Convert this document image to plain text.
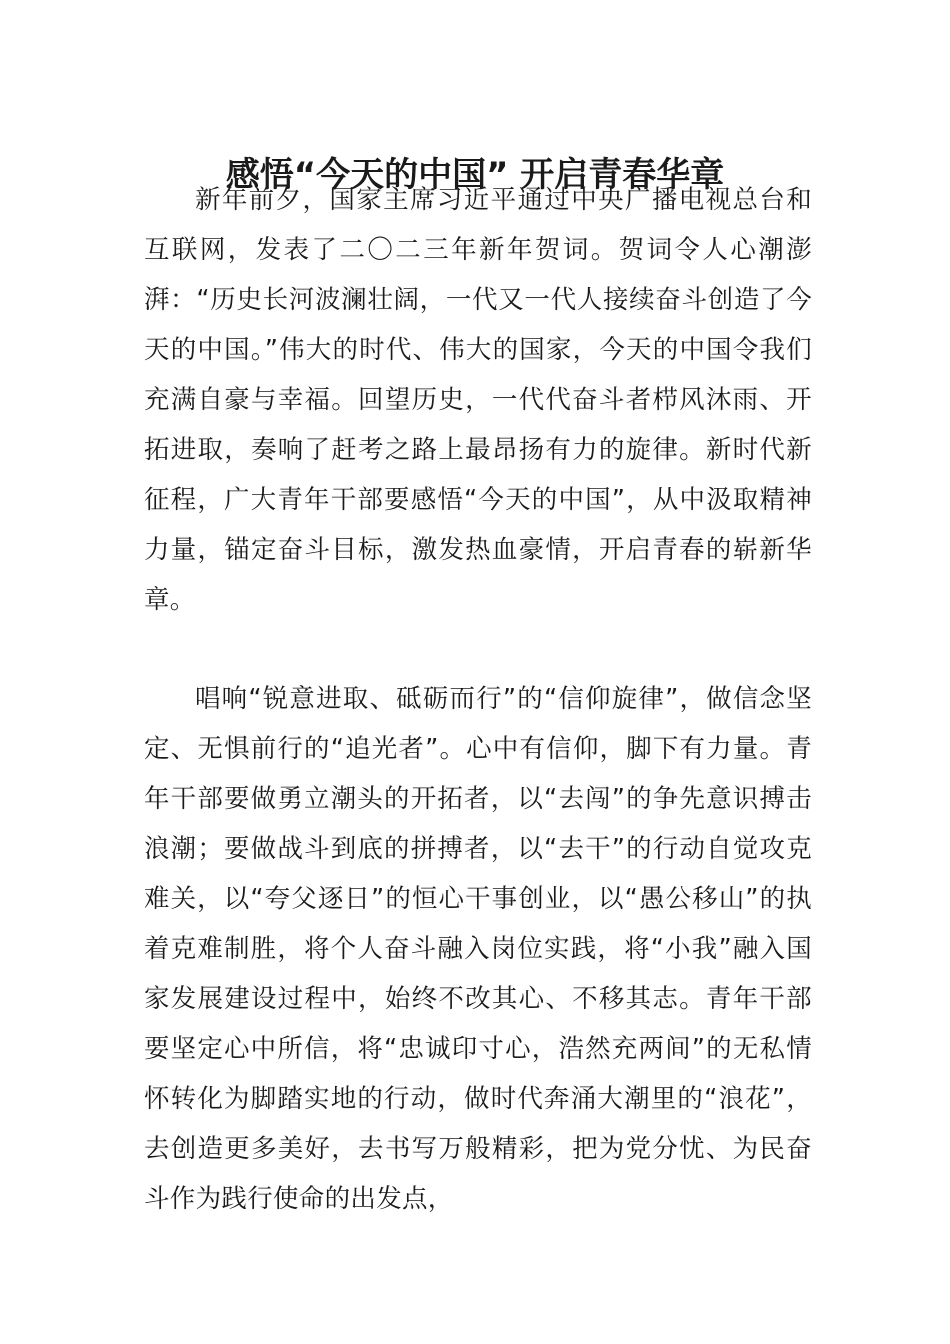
感悟“今天的中国” 开启青春华章

新年前夕，国家主席习近平通过中央广播电视总台和互联网，发表了二〇二三年新年贺词。贺词令人心潮澎湃：“历史长河波澜壮阔，一代又一代人接续奋斗创造了今天的中国。”伟大的时代、伟大的国家，今天的中国令我们充满自豪与幸福。回望历史，一代代奋斗者栉风沐雨、开拓进取，奏响了赶考之路上最昂扬有力的旋律。新时代新征程，广大青年干部要感悟“今天的中国”，从中汲取精神力量，锚定奋斗目标，激发热血豪情，开启青春的崭新华章。

唱响“锐意进取、砥砺而行”的“信仰旋律”，做信念坚定、无惧前行的“追光者”。心中有信仰，脚下有力量。青年干部要做勇立潮头的开拓者，以“去闯”的争先意识搏击浪潮；要做战斗到底的拼搏者，以“去干”的行动自觉攻克难关，以“夸父逐日”的恒心干事创业，以“愚公移山”的执着克难制胜，将个人奋斗融入岗位实践，将“小我”融入国家发展建设过程中，始终不改其心、不移其志。青年干部要坚定心中所信，将“忠诚印寸心，浩然充两间”的无私情怀转化为脚踏实地的行动，做时代奔涌大潮里的“浪花”，去创造更多美好，去书写万般精彩，把为党分忧、为民奋斗作为践行使命的出发点，
